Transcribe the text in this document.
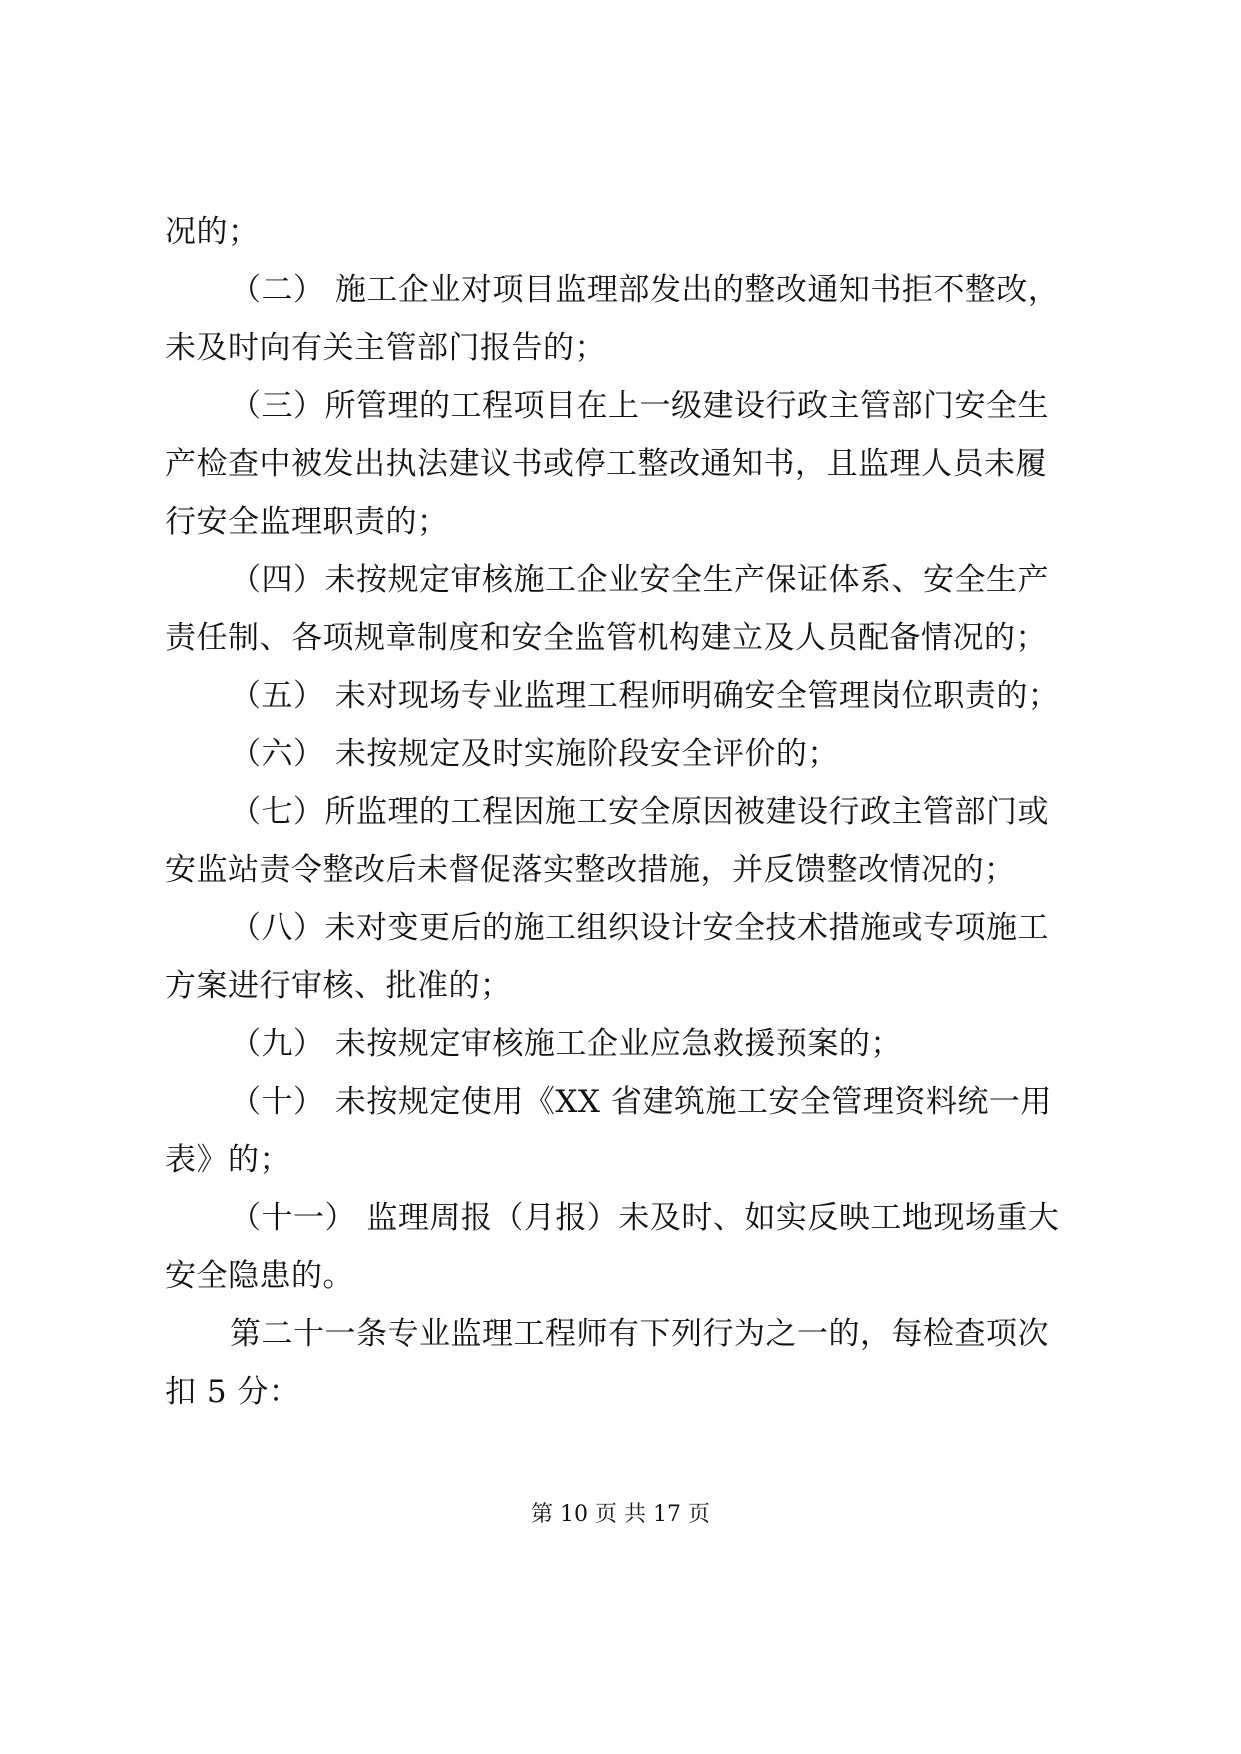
况的；
（二） 施工企业对项目监理部发出的整改通知书拒不整改，
未及时向有关主管部门报告的；
（三）所管理的工程项目在上一级建设行政主管部门安全生
产检查中被发出执法建议书或停工整改通知书，且监理人员未履
行安全监理职责的；
（四）未按规定审核施工企业安全生产保证体系、安全生产
责任制、各项规章制度和安全监管机构建立及人员配备情况的；
（五） 未对现场专业监理工程师明确安全管理岗位职责的；
（六） 未按规定及时实施阶段安全评价的；
（七）所监理的工程因施工安全原因被建设行政主管部门或
安监站责令整改后未督促落实整改措施，并反馈整改情况的；
（八）未对变更后的施工组织设计安全技术措施或专项施工
方案进行审核、批准的；
（九） 未按规定审核施工企业应急救援预案的；
（十） 未按规定使用《XX 省建筑施工安全管理资料统一用
表》的；
（十一） 监理周报（月报）未及时、如实反映工地现场重大
安全隐患的。
第二十一条专业监理工程师有下列行为之一的，每检查项次
扣 5 分：
第 10 页 共 17 页
